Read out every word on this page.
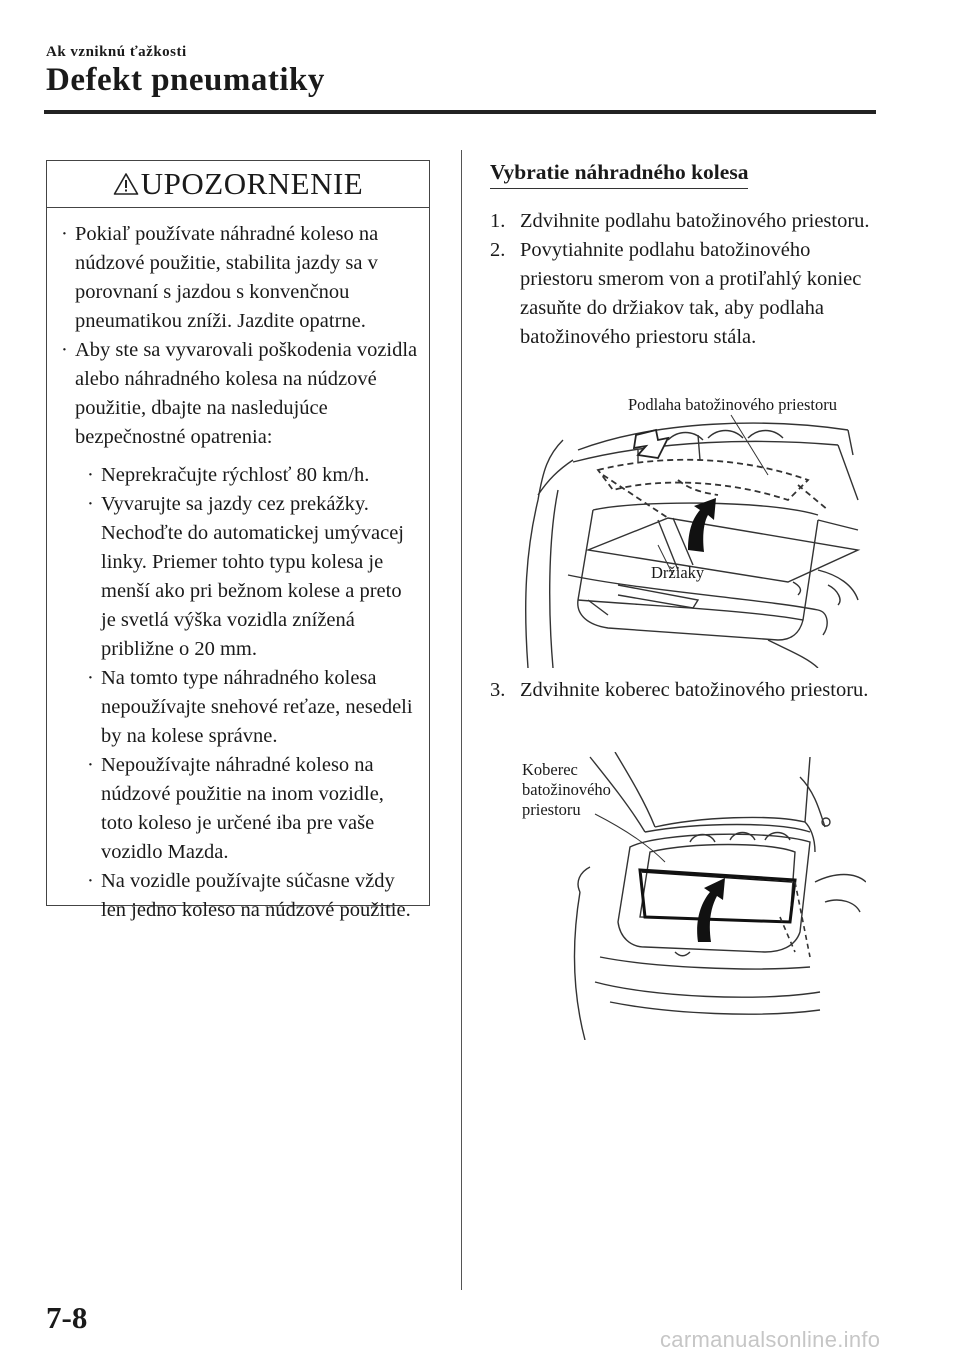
Ak vzniknú ťažkosti
Defekt pneumatiky
UPOZORNENIE
· Pokiaľ používate náhradné koleso na núdzové použitie, stabilita jazdy sa v porovnaní s jazdou s konvenčnou pneumatikou zníži. Jazdite opatrne.
· Aby ste sa vyvarovali poškodenia vozidla alebo náhradného kolesa na núdzové použitie, dbajte na nasledujúce bezpečnostné opatrenia:
· Neprekračujte rýchlosť 80 km/h.
· Vyvarujte sa jazdy cez prekážky. Nechoďte do automatickej umývacej linky. Priemer tohto typu kolesa je menší ako pri bežnom kolese a preto je svetlá výška vozidla znížená približne o 20 mm.
· Na tomto type náhradného kolesa nepoužívajte snehové reťaze, nesedeli by na kolese správne.
· Nepoužívajte náhradné koleso na núdzové použitie na inom vozidle, toto koleso je určené iba pre vaše vozidlo Mazda.
· Na vozidle používajte súčasne vždy len jedno koleso na núdzové použitie.
Vybratie náhradného kolesa
1. Zdvihnite podlahu batožinového priestoru.
2. Povytiahnite podlahu batožinového priestoru smerom von a protiľahlý koniec zasuňte do držiakov tak, aby podlaha batožinového priestoru stála.
Podlaha batožinového priestoru
Držiaky
3. Zdvihnite koberec batožinového priestoru.
Koberec
batožinového
priestoru
7-8
carmanualsonline.info
